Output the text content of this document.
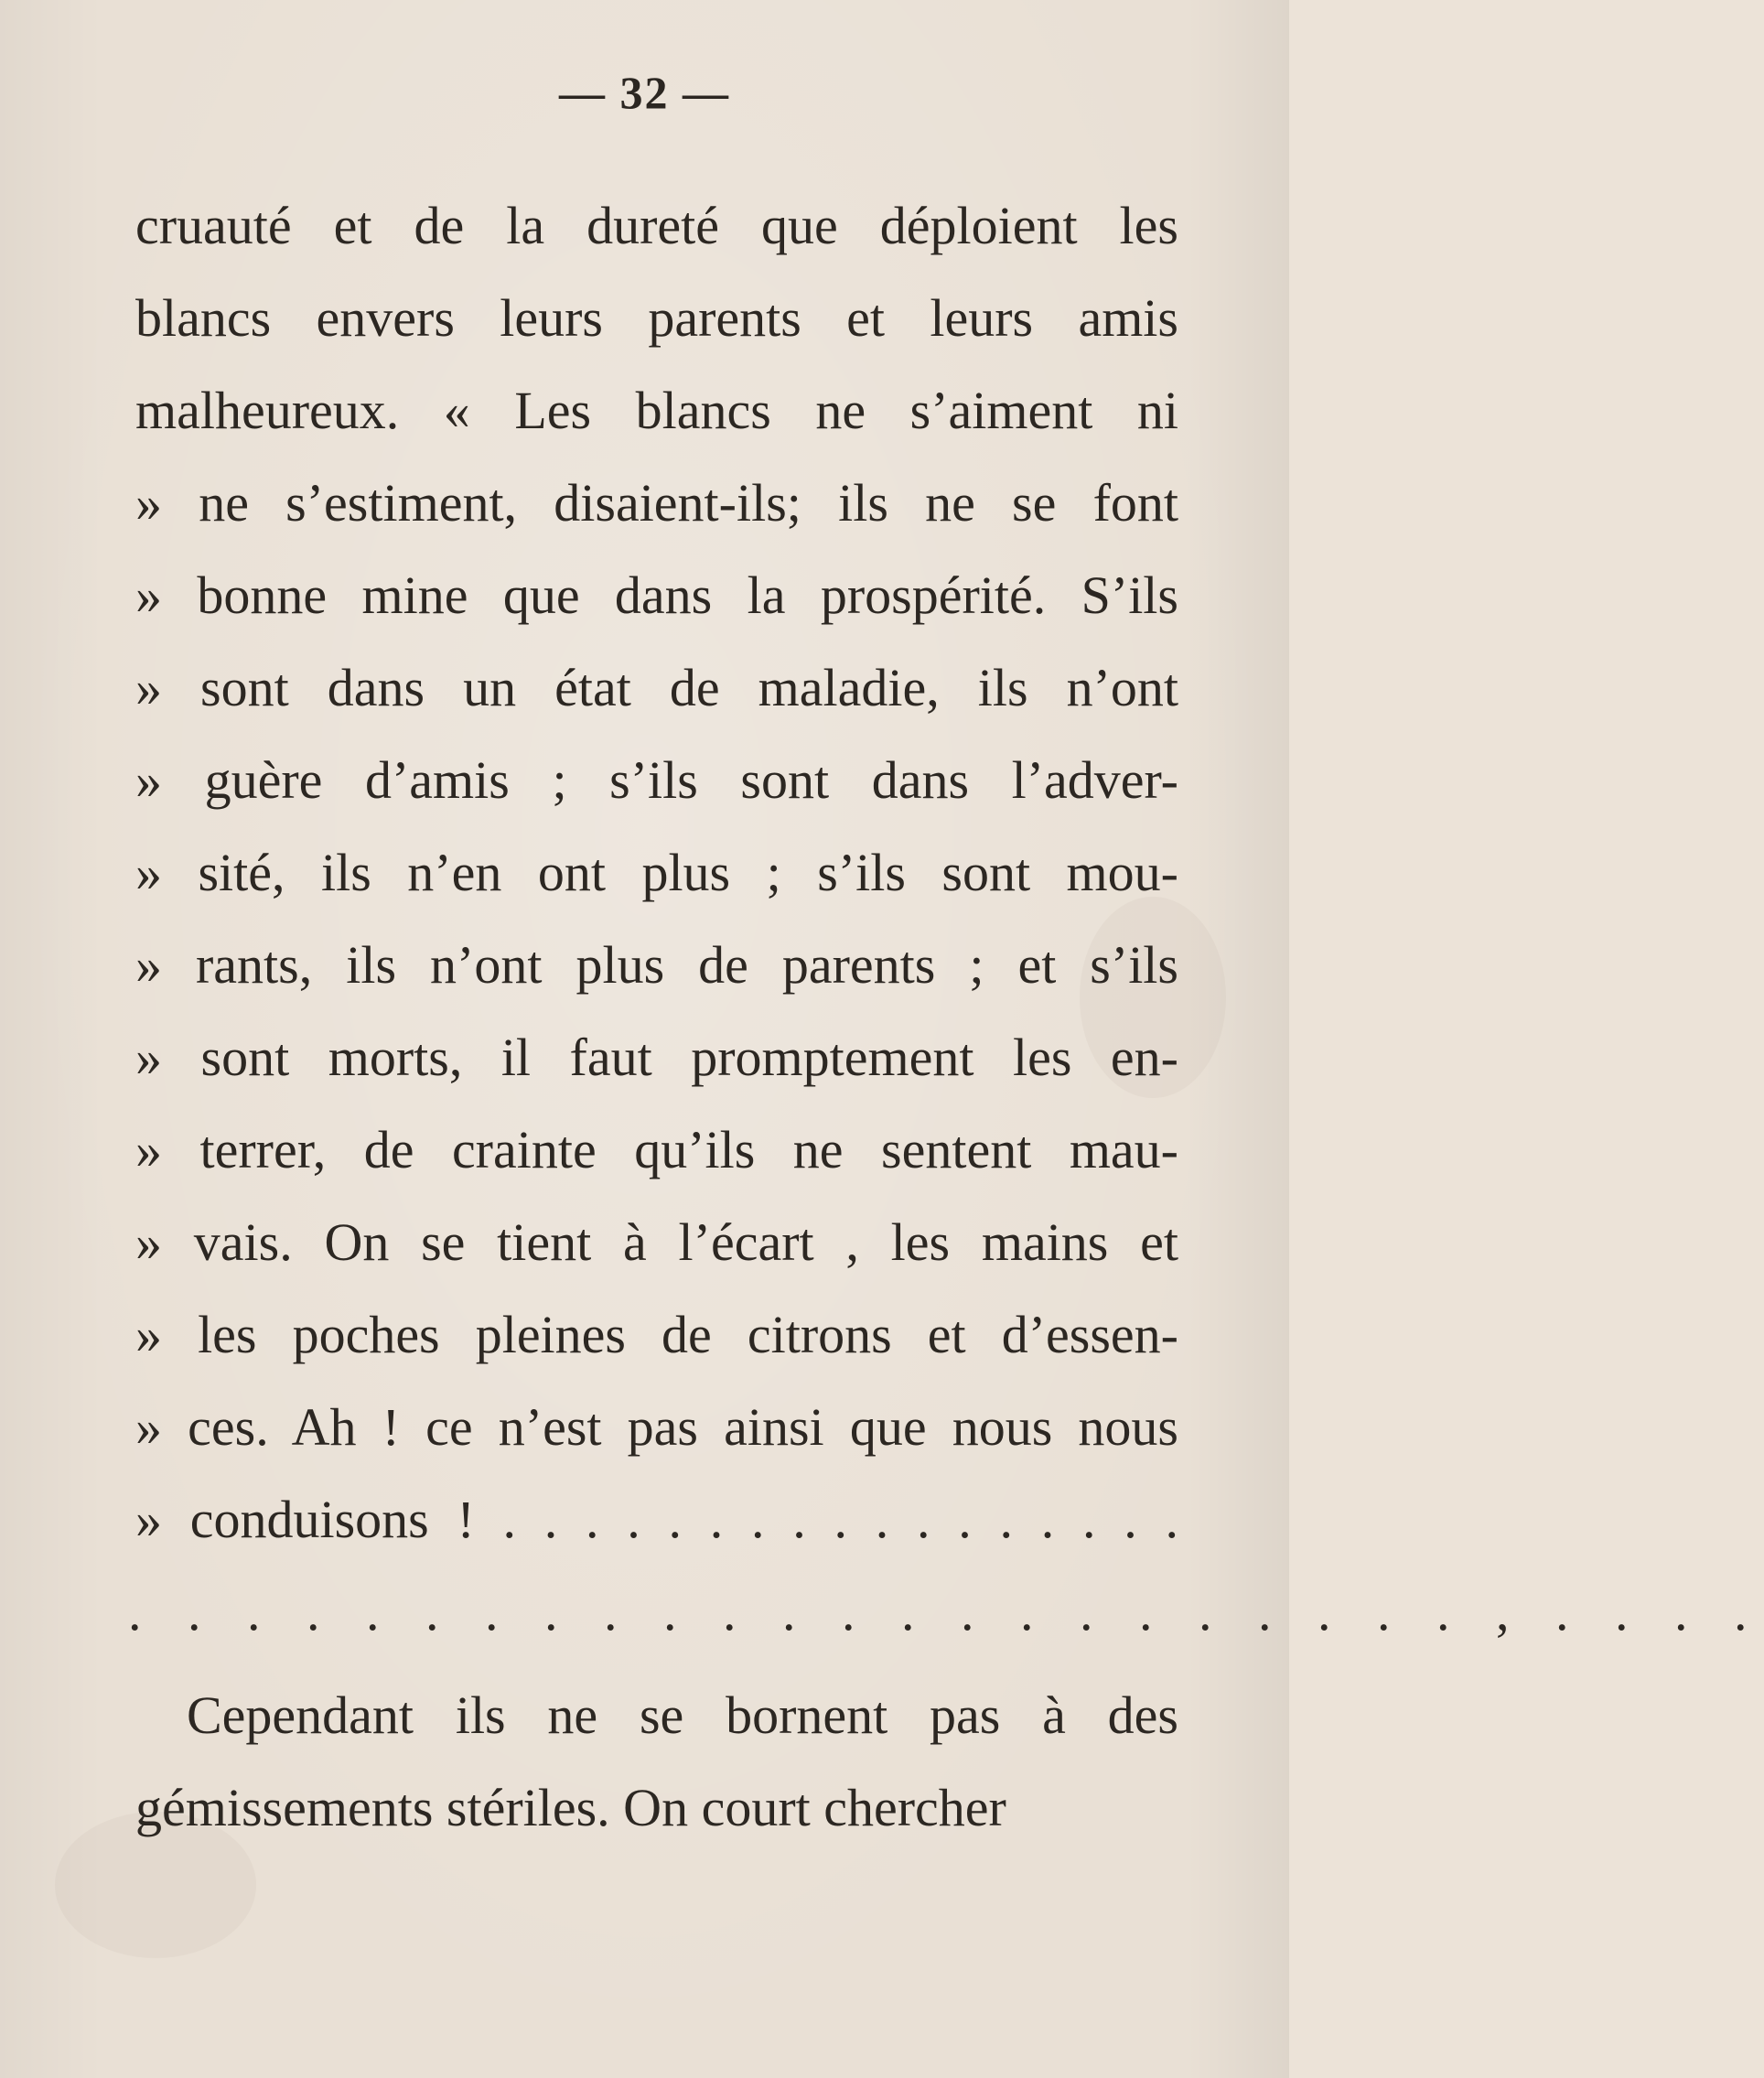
— 32 —
cruauté et de la dureté que déploient les
blancs envers leurs parents et leurs amis
malheureux. « Les blancs ne s’aiment ni
» ne s’estiment, disaient-ils; ils ne se font
» bonne mine que dans la prospérité. S’ils
» sont dans un état de maladie, ils n’ont
» guère d’amis ; s’ils sont dans l’adver-
» sité, ils n’en ont plus ; s’ils sont mou-
» rants, ils n’ont plus de parents ; et s’ils
» sont morts, il faut promptement les en-
» terrer, de crainte qu’ils ne sentent mau-
» vais. On se tient à l’écart , les mains et
» les poches pleines de citrons et d’essen-
» ces. Ah ! ce n’est pas ainsi que nous nous
» conduisons ! . . . . . . . . . . . . . . . . .
. . . . . . . . . . . . . . . . . . . . . . . , . . . .
Cependant ils ne se bornent pas à des
gémissements stériles. On court chercher
